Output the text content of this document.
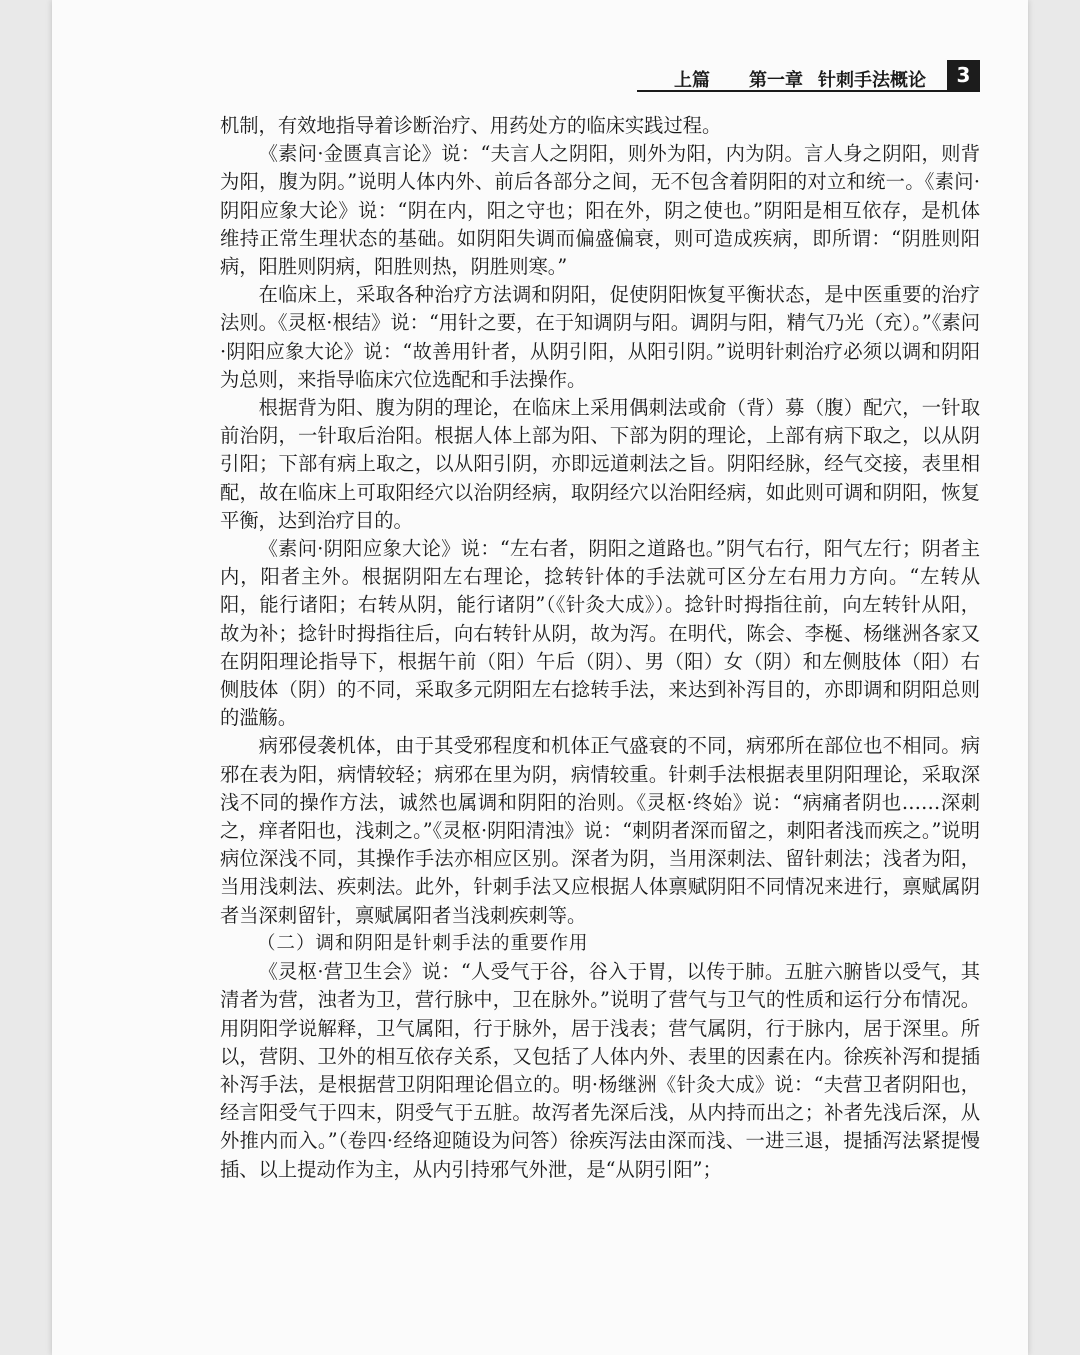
上篇 第一章 针刺手法概论	3

机制，有效地指导着诊断治疗、用药处方的临床实践过程。

《素问·金匮真言论》说：“夫言人之阴阳，则外为阳，内为阴。言人身之阴阳，则背为阳，腹为阴。”说明人体内外、前后各部分之间，无不包含着阴阳的对立和统一。《素问·阴阳应象大论》说：“阴在内，阳之守也；阳在外，阴之使也。”阴阳是相互依存，是机体维持正常生理状态的基础。如阴阳失调而偏盛偏衰，则可造成疾病，即所谓：“阴胜则阳病，阳胜则阴病，阳胜则热，阴胜则寒。”

在临床上，采取各种治疗方法调和阴阳，促使阴阳恢复平衡状态，是中医重要的治疗法则。《灵枢·根结》说：“用针之要，在于知调阴与阳。调阴与阳，精气乃光（充）。”《素问·阴阳应象大论》说：“故善用针者，从阴引阳，从阳引阴。”说明针刺治疗必须以调和阴阳为总则，来指导临床穴位选配和手法操作。

根据背为阳、腹为阴的理论，在临床上采用偶刺法或俞（背）募（腹）配穴，一针取前治阴，一针取后治阳。根据人体上部为阳、下部为阴的理论，上部有病下取之，以从阴引阳；下部有病上取之，以从阳引阴，亦即远道刺法之旨。阴阳经脉，经气交接，表里相配，故在临床上可取阳经穴以治阴经病，取阴经穴以治阳经病，如此则可调和阴阳，恢复平衡，达到治疗目的。

《素问·阴阳应象大论》说：“左右者，阴阳之道路也。”阴气右行，阳气左行；阴者主内，阳者主外。根据阴阳左右理论，捻转针体的手法就可区分左右用力方向。“左转从阳，能行诸阳；右转从阴，能行诸阴”（《针灸大成》）。捻针时拇指往前，向左转针从阳，故为补；捻针时拇指往后，向右转针从阴，故为泻。在明代，陈会、李梴、杨继洲各家又在阴阳理论指导下，根据午前（阳）午后（阴）、男（阳）女（阴）和左侧肢体（阳）右侧肢体（阴）的不同，采取多元阴阳左右捻转手法，来达到补泻目的，亦即调和阴阳总则的滥觞。

病邪侵袭机体，由于其受邪程度和机体正气盛衰的不同，病邪所在部位也不相同。病邪在表为阳，病情较轻；病邪在里为阴，病情较重。针刺手法根据表里阴阳理论，采取深浅不同的操作方法，诚然也属调和阴阳的治则。《灵枢·终始》说：“病痛者阴也……深刺之，痒者阳也，浅刺之。”《灵枢·阴阳清浊》说：“刺阴者深而留之，刺阳者浅而疾之。”说明病位深浅不同，其操作手法亦相应区别。深者为阴，当用深刺法、留针刺法；浅者为阳，当用浅刺法、疾刺法。此外，针刺手法又应根据人体禀赋阴阳不同情况来进行，禀赋属阴者当深刺留针，禀赋属阳者当浅刺疾刺等。

（二）调和阴阳是针刺手法的重要作用

《灵枢·营卫生会》说：“人受气于谷，谷入于胃，以传于肺。五脏六腑皆以受气，其清者为营，浊者为卫，营行脉中，卫在脉外。”说明了营气与卫气的性质和运行分布情况。用阴阳学说解释，卫气属阳，行于脉外，居于浅表；营气属阴，行于脉内，居于深里。所以，营阴、卫外的相互依存关系，又包括了人体内外、表里的因素在内。徐疾补泻和提插补泻手法，是根据营卫阴阳理论倡立的。明·杨继洲《针灸大成》说：“夫营卫者阴阳也，经言阳受气于四末，阴受气于五脏。故泻者先深后浅，从内持而出之；补者先浅后深，从外推内而入。”（卷四·经络迎随设为问答）徐疾泻法由深而浅、一进三退，提插泻法紧提慢插、以上提动作为主，从内引持邪气外泄，是“从阴引阳”；
